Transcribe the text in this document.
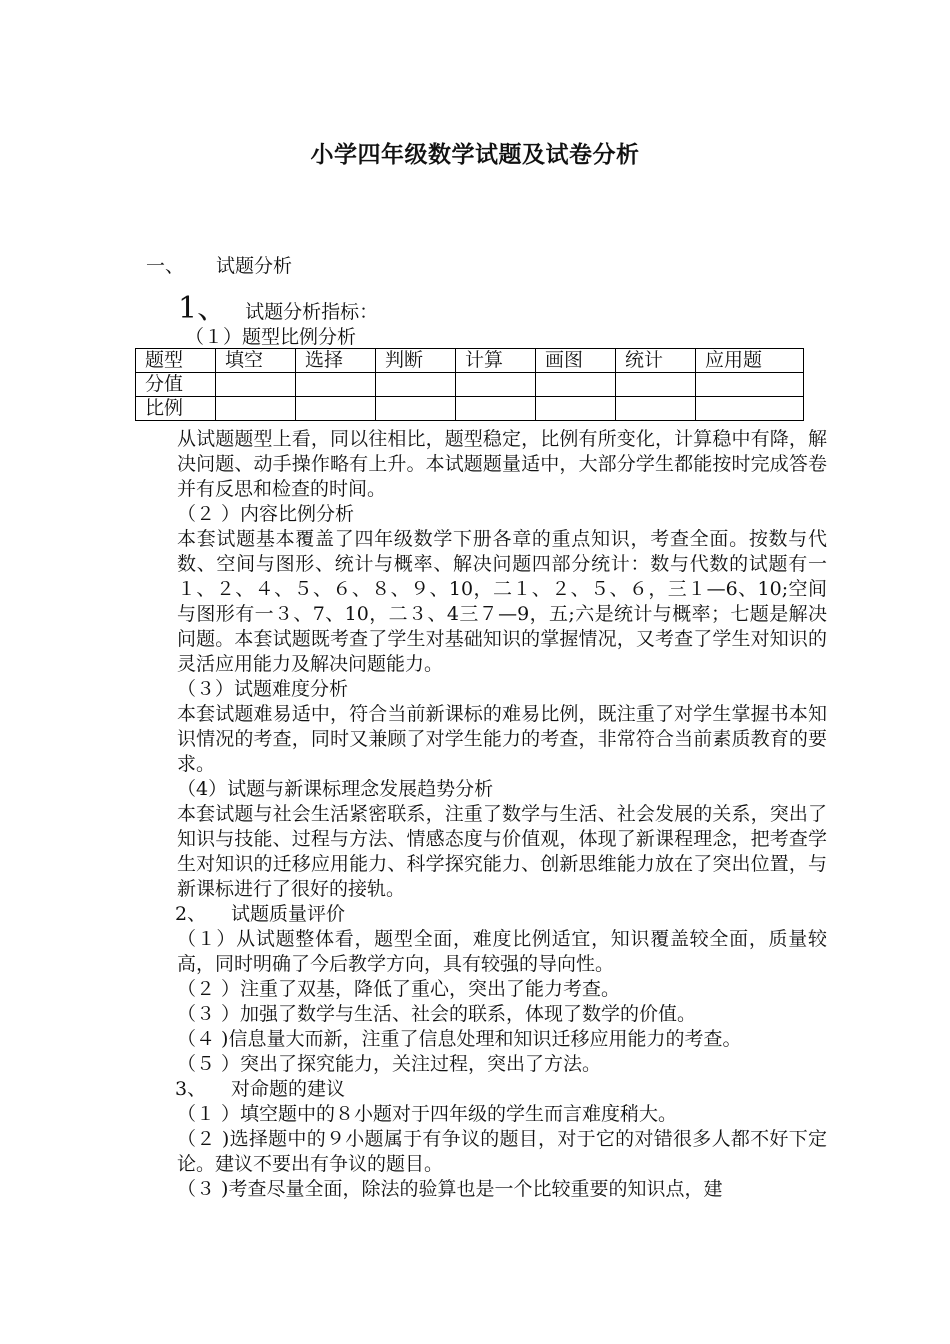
小学四年级数学试题及试卷分析
一、 试题分析
1、 试题分析指标：
（１）题型比例分析
题型	填空	选择	判断	计算	画图	统计	应用题
分值							
比例							

从试题题型上看，同以往相比，题型稳定，比例有所变化，计算稳中有降，解决问题、动手操作略有上升。本试题题量适中，大部分学生都能按时完成答卷并有反思和检查的时间。

（２ ）内容比例分析

本套试题基本覆盖了四年级数学下册各章的重点知识，考查全面。按数与代数、空间与图形、统计与概率、解决问题四部分统计：数与代数的试题有一１、２、４、５、６、８、９、10，二１、２、５、６，三１—6、10;空间与图形有一３、7、10，二３、4三７—9，五;六是统计与概率；七题是解决问题。本套试题既考查了学生对基础知识的掌握情况，又考查了学生对知识的灵活应用能力及解决问题能力。

（３）试题难度分析

本套试题难易适中，符合当前新课标的难易比例，既注重了对学生掌握书本知识情况的考查，同时又兼顾了对学生能力的考查，非常符合当前素质教育的要求。

（4）试题与新课标理念发展趋势分析

本套试题与社会生活紧密联系，注重了数学与生活、社会发展的关系，突出了知识与技能、过程与方法、情感态度与价值观，体现了新课程理念，把考查学生对知识的迁移应用能力、科学探究能力、创新思维能力放在了突出位置，与新课标进行了很好的接轨。

2、 试题质量评价

（１）从试题整体看，题型全面，难度比例适宜，知识覆盖较全面，质量较高，同时明确了今后教学方向，具有较强的导向性。

（２ ）注重了双基，降低了重心，突出了能力考查。

（３ ）加强了数学与生活、社会的联系，体现了数学的价值。

（４ )信息量大而新，注重了信息处理和知识迁移应用能力的考查。

（５ ）突出了探究能力，关注过程，突出了方法。

3、 对命题的建议

（１ ）填空题中的８小题对于四年级的学生而言难度稍大。

（２ )选择题中的９小题属于有争议的题目，对于它的对错很多人都不好下定论。建议不要出有争议的题目。

（３ )考查尽量全面，除法的验算也是一个比较重要的知识点，建
